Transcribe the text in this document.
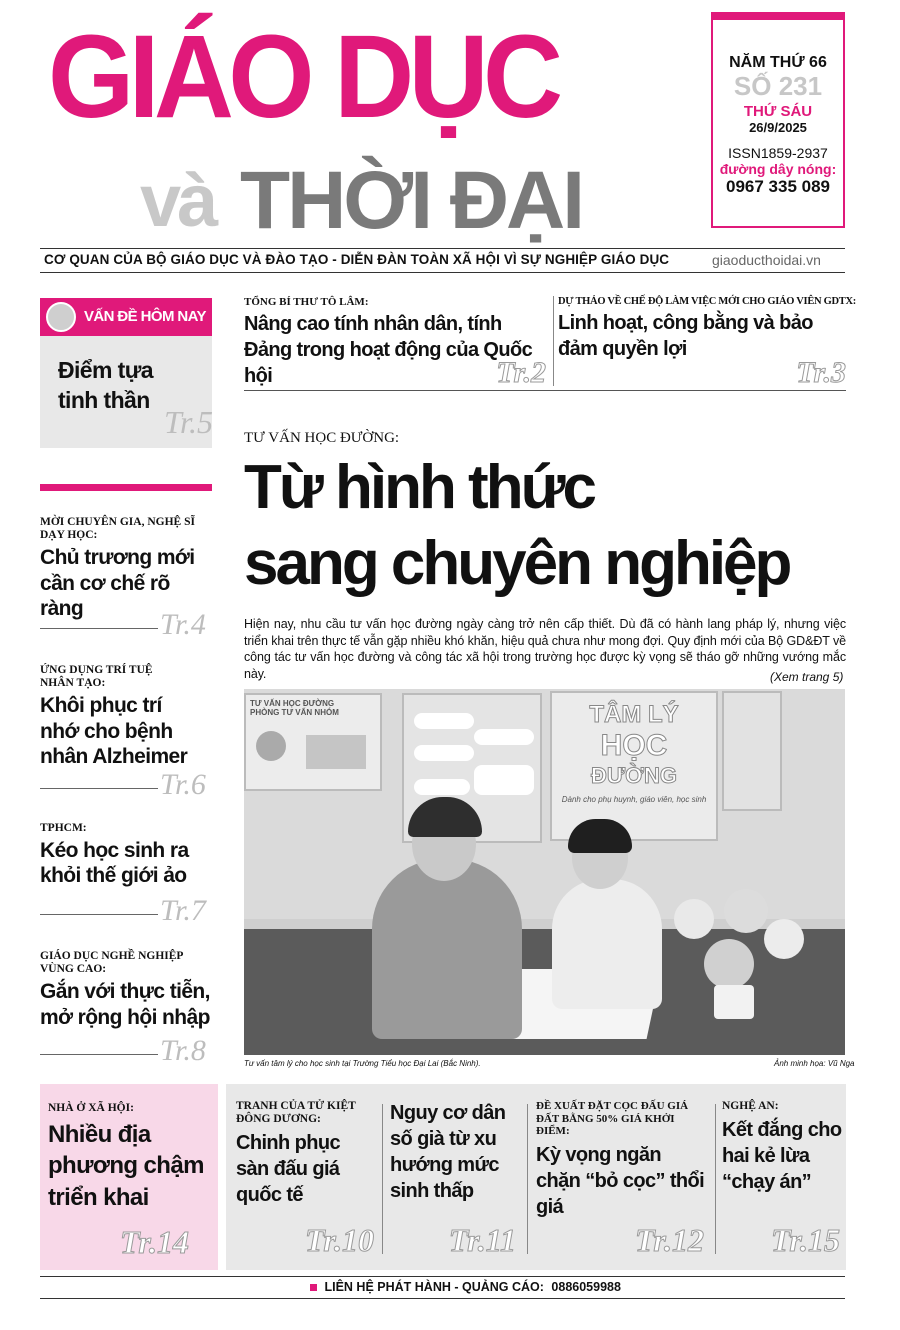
GIÁO DỤC
và THỜI ĐẠI
NĂM THỨ 66
SỐ 231
THỨ SÁU
26/9/2025
ISSN1859-2937
đường dây nóng:
0967 335 089
CƠ QUAN CỦA BỘ GIÁO DỤC VÀ ĐÀO TẠO - DIỄN ĐÀN TOÀN XÃ HỘI VÌ SỰ NGHIỆP GIÁO DỤC	giaoducthoidai.vn
VẤN ĐỀ HÔM NAY
Điểm tựa tinh thần
Tr.5
TỔNG BÍ THƯ TÔ LÂM:
Nâng cao tính nhân dân, tính Đảng trong hoạt động của Quốc hội	Tr.2
DỰ THẢO VỀ CHẾ ĐỘ LÀM VIỆC MỚI CHO GIÁO VIÊN GDTX:
Linh hoạt, công bằng và bảo đảm quyền lợi
Tr.3
TƯ VẤN HỌC ĐƯỜNG:
Từ hình thức
sang chuyên nghiệp
Hiện nay, nhu cầu tư vấn học đường ngày càng trở nên cấp thiết. Dù đã có hành lang pháp lý, nhưng việc triển khai trên thực tế vẫn gặp nhiều khó khăn, hiệu quả chưa như mong đợi. Quy định mới của Bộ GD&ĐT về công tác tư vấn học đường và công tác xã hội trong trường học được kỳ vọng sẽ tháo gỡ những vướng mắc này.	(Xem trang 5)
TƯ VẤN HỌC ĐƯỜNG
PHÒNG TƯ VẤN NHÓM	TÂM LÝ
HỌC
ĐƯỜNG
Dành cho phụ huynh, giáo viên, học sinh
Tư vấn tâm lý cho học sinh tại Trường Tiểu học Đại Lai (Bắc Ninh).	Ảnh minh họa: Vũ Nga
MỜI CHUYÊN GIA, NGHỆ SĨ DẠY HỌC:
Chủ trương mới cần cơ chế rõ ràng	Tr.4
ỨNG DỤNG TRÍ TUỆ NHÂN TẠO:
Khôi phục trí nhớ cho bệnh nhân Alzheimer
Tr.6
TPHCM:
Kéo học sinh ra khỏi thế giới ảo
Tr.7
GIÁO DỤC NGHỀ NGHIỆP VÙNG CAO:
Gắn với thực tiễn, mở rộng hội nhập
Tr.8
NHÀ Ở XÃ HỘI:
Nhiều địa phương chậm triển khai
Tr.14
TRANH CỦA TỬ KIỆT ĐÔNG DƯƠNG:
Chinh phục sàn đấu giá quốc tế
Tr.10
Nguy cơ dân số già từ xu hướng mức sinh thấp
Tr.11
ĐỀ XUẤT ĐẶT CỌC ĐẤU GIÁ ĐẤT BẰNG 50% GIÁ KHỞI ĐIỂM:
Kỳ vọng ngăn chặn “bỏ cọc” thổi giá
Tr.12
NGHỆ AN:
Kết đắng cho hai kẻ lừa “chạy án”
Tr.15
LIÊN HỆ PHÁT HÀNH - QUẢNG CÁO: 0886059988
